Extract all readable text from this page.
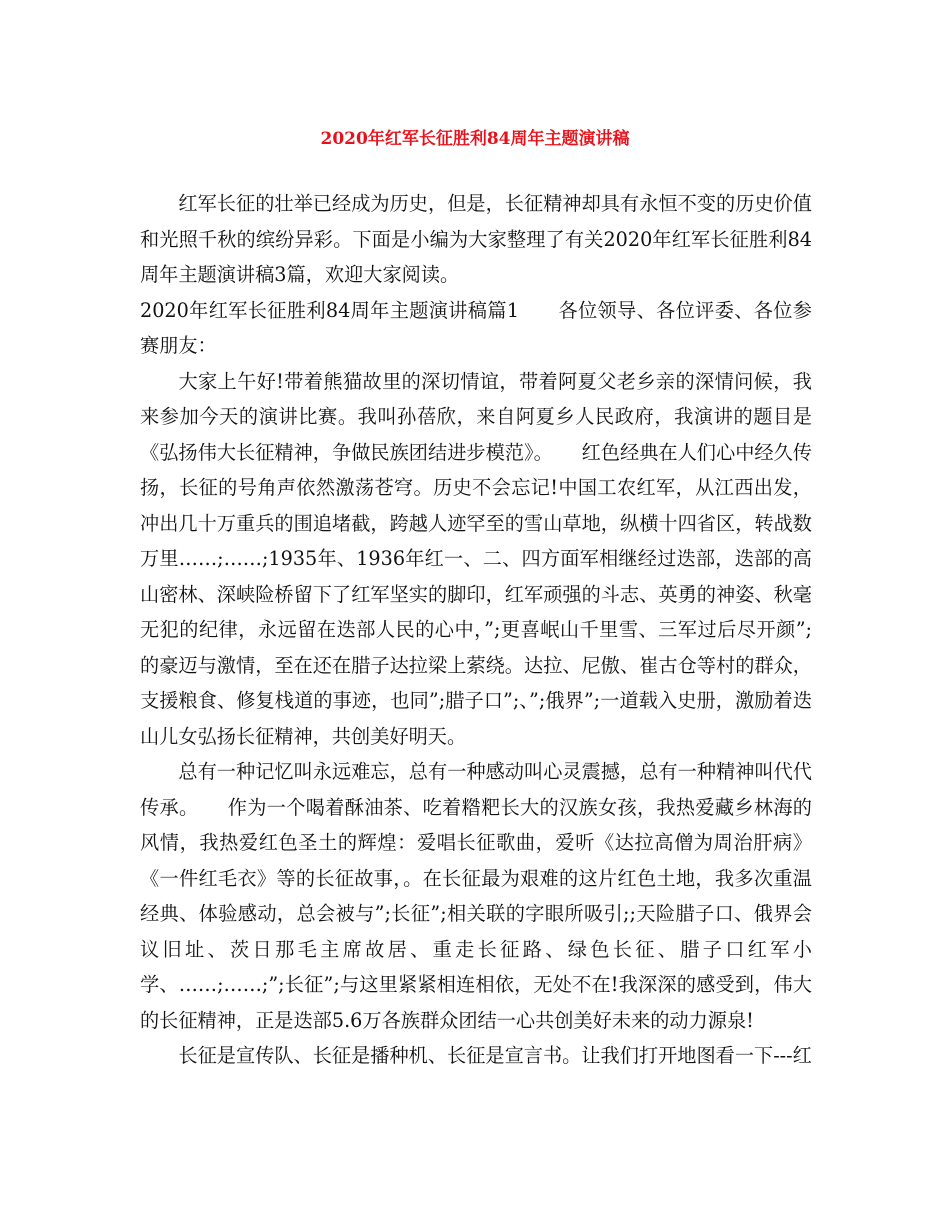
2020年红军长征胜利84周年主题演讲稿

红军长征的壮举已经成为历史，但是，长征精神却具有永恒不变的历史价值和光照千秋的缤纷异彩。下面是小编为大家整理了有关2020年红军长征胜利84周年主题演讲稿3篇，欢迎大家阅读。

2020年红军长征胜利84周年主题演讲稿篇1　　各位领导、各位评委、各位参赛朋友：

大家上午好!带着熊猫故里的深切情谊，带着阿夏父老乡亲的深情问候，我来参加今天的演讲比赛。我叫孙蓓欣，来自阿夏乡人民政府，我演讲的题目是《弘扬伟大长征精神，争做民族团结进步模范》。　　红色经典在人们心中经久传扬，长征的号角声依然激荡苍穹。历史不会忘记!中国工农红军，从江西出发，冲出几十万重兵的围追堵截，跨越人迹罕至的雪山草地，纵横十四省区，转战数万里……;……;1935年、1936年红一、二、四方面军相继经过迭部，迭部的高山密林、深峡险桥留下了红军坚实的脚印，红军顽强的斗志、英勇的神姿、秋毫无犯的纪律，永远留在迭部人民的心中，”;更喜岷山千里雪、三军过后尽开颜”;的豪迈与激情，至在还在腊子达拉梁上萦绕。达拉、尼傲、崔古仓等村的群众，支援粮食、修复栈道的事迹，也同”;腊子口”;、”;俄界”;一道载入史册，激励着迭山儿女弘扬长征精神，共创美好明天。

总有一种记忆叫永远难忘，总有一种感动叫心灵震撼，总有一种精神叫代代传承。　　作为一个喝着酥油茶、吃着糌粑长大的汉族女孩，我热爱藏乡林海的风情，我热爱红色圣土的辉煌：爱唱长征歌曲，爱听《达拉高僧为周治肝病》《一件红毛衣》等的长征故事，。在长征最为艰难的这片红色土地，我多次重温经典、体验感动，总会被与”;长征”;相关联的字眼所吸引;;天险腊子口、俄界会议旧址、茨日那毛主席故居、重走长征路、绿色长征、腊子口红军小学、……;……;”;长征”;与这里紧紧相连相依，无处不在!我深深的感受到，伟大的长征精神，正是迭部5.6万各族群众团结一心共创美好未来的动力源泉!

长征是宣传队、长征是播种机、长征是宣言书。让我们打开地图看一下---红
